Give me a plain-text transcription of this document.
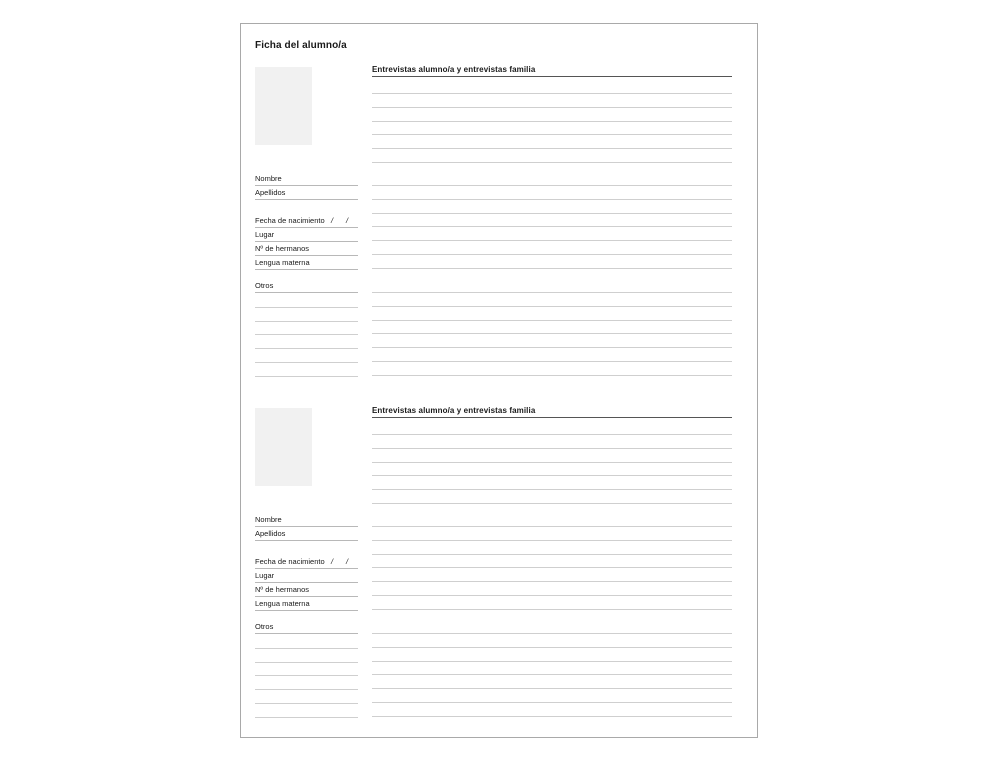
Ficha del alumno/a
Nombre
Apellidos
Fecha de nacimiento / /
Lugar
Nº de hermanos
Lengua materna
Otros
Entrevistas alumno/a y entrevistas familia
Nombre
Apellidos
Fecha de nacimiento / /
Lugar
Nº de hermanos
Lengua materna
Otros
Entrevistas alumno/a y entrevistas familia
